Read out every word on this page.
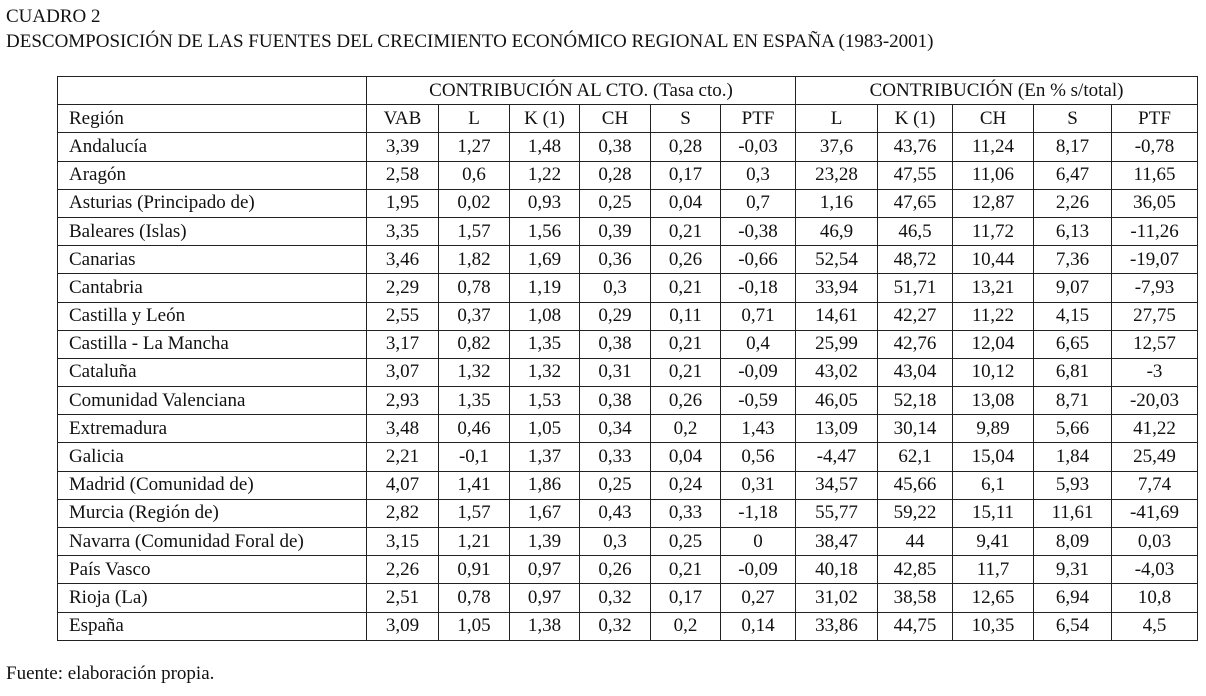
CUADRO 2
DESCOMPOSICIÓN DE LAS FUENTES DEL CRECIMIENTO ECONÓMICO REGIONAL EN ESPAÑA (1983-2001)
	CONTRIBUCIÓN AL CTO. (Tasa cto.)						CONTRIBUCIÓN (En % s/total)				
Región	VAB	L	K (1)	CH	S	PTF	L	K (1)	CH	S	PTF
Andalucía	3,39	1,27	1,48	0,38	0,28	-0,03	37,6	43,76	11,24	8,17	-0,78
Aragón	2,58	0,6	1,22	0,28	0,17	0,3	23,28	47,55	11,06	6,47	11,65
Asturias (Principado de)	1,95	0,02	0,93	0,25	0,04	0,7	1,16	47,65	12,87	2,26	36,05
Baleares (Islas)	3,35	1,57	1,56	0,39	0,21	-0,38	46,9	46,5	11,72	6,13	-11,26
Canarias	3,46	1,82	1,69	0,36	0,26	-0,66	52,54	48,72	10,44	7,36	-19,07
Cantabria	2,29	0,78	1,19	0,3	0,21	-0,18	33,94	51,71	13,21	9,07	-7,93
Castilla y León	2,55	0,37	1,08	0,29	0,11	0,71	14,61	42,27	11,22	4,15	27,75
Castilla - La Mancha	3,17	0,82	1,35	0,38	0,21	0,4	25,99	42,76	12,04	6,65	12,57
Cataluña	3,07	1,32	1,32	0,31	0,21	-0,09	43,02	43,04	10,12	6,81	-3
Comunidad Valenciana	2,93	1,35	1,53	0,38	0,26	-0,59	46,05	52,18	13,08	8,71	-20,03
Extremadura	3,48	0,46	1,05	0,34	0,2	1,43	13,09	30,14	9,89	5,66	41,22
Galicia	2,21	-0,1	1,37	0,33	0,04	0,56	-4,47	62,1	15,04	1,84	25,49
Madrid (Comunidad de)	4,07	1,41	1,86	0,25	0,24	0,31	34,57	45,66	6,1	5,93	7,74
Murcia (Región de)	2,82	1,57	1,67	0,43	0,33	-1,18	55,77	59,22	15,11	11,61	-41,69
Navarra (Comunidad Foral de)	3,15	1,21	1,39	0,3	0,25	0	38,47	44	9,41	8,09	0,03
País Vasco	2,26	0,91	0,97	0,26	0,21	-0,09	40,18	42,85	11,7	9,31	-4,03
Rioja (La)	2,51	0,78	0,97	0,32	0,17	0,27	31,02	38,58	12,65	6,94	10,8
España	3,09	1,05	1,38	0,32	0,2	0,14	33,86	44,75	10,35	6,54	4,5
Fuente: elaboración propia.
